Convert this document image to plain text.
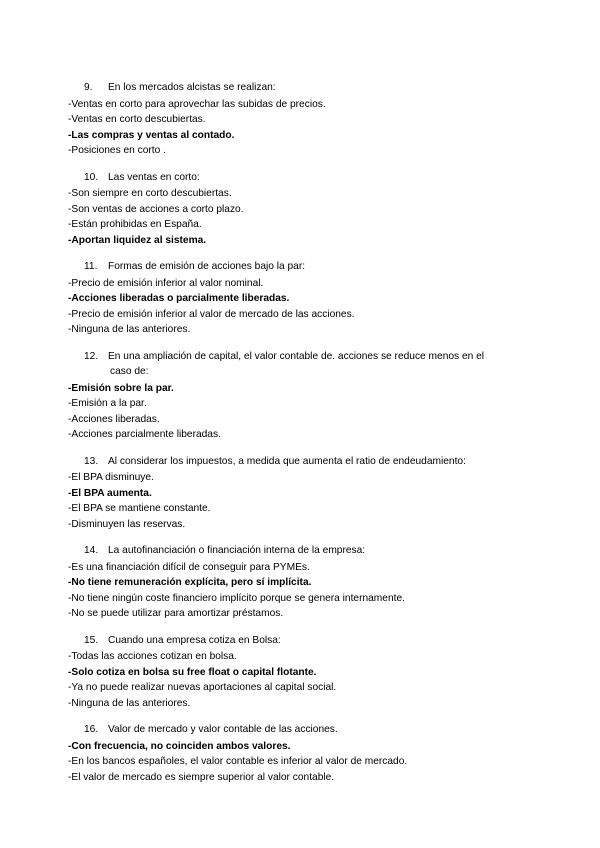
9.En los mercados alcistas se realizan:

-Ventas en corto para aprovechar las subidas de precios.

-Ventas en corto descubiertas.

-Las compras y ventas al contado.

-Posiciones en corto .

10.Las ventas en corto:

-Son siempre en corto descubiertas.

-Son ventas de acciones a corto plazo.

-Están prohibidas en España.

-Aportan liquidez al sistema.

11.Formas de emisión de acciones bajo la par:

-Precio de emisión inferior al valor nominal.

-Acciones liberadas o parcialmente liberadas.

-Precio de emisión inferior al valor de mercado de las acciones.

-Ninguna de las anteriores.

12.En una ampliación de capital, el valor contable de. acciones se reduce menos en el
caso de:

-Emisión sobre la par.

-Emisión a la par.

-Acciones liberadas.

-Acciones parcialmente liberadas.

13.Al considerar los impuestos, a medida que aumenta el ratio de endeudamiento:

-El BPA disminuye.

-El BPA aumenta.

-El BPA se mantiene constante.

-Disminuyen las reservas.

14.La autofinanciación o financiación interna de la empresa:

-Es una financiación difícil de conseguir para PYMEs.

-No tiene remuneración explícita, pero sí implícita.

-No tiene ningún coste financiero implícito porque se genera internamente.

-No se puede utilizar para amortizar préstamos.

15.Cuando una empresa cotiza en Bolsa:

-Todas las acciones cotizan en bolsa.

-Solo cotiza en bolsa su free float o capital flotante.

-Ya no puede realizar nuevas aportaciones al capital social.

-Ninguna de las anteriores.

16.Valor de mercado y valor contable de las acciones.

-Con frecuencia, no coinciden ambos valores.

-En los bancos españoles, el valor contable es inferior al valor de mercado.

-El valor de mercado es siempre superior al valor contable.
